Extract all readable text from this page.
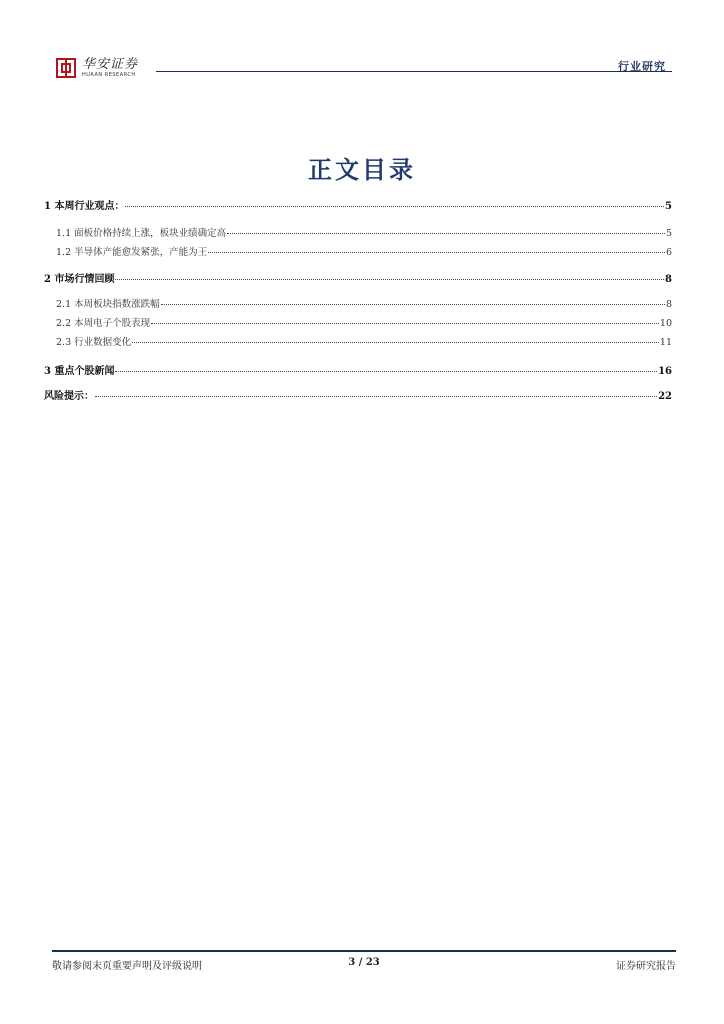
华安证券
HUAAN RESEARCH
行业研究
正文目录
1 本周行业观点：	5
1.1 面板价格持续上涨，板块业绩确定高	5
1.2 半导体产能愈发紧张，产能为王	6
2 市场行情回顾	8
2.1 本周板块指数涨跌幅	8
2.2 本周电子个股表现	10
2.3 行业数据变化	11
3 重点个股新闻	16
风险提示：	22
敬请参阅末页重要声明及评级说明	3 / 23	证券研究报告
